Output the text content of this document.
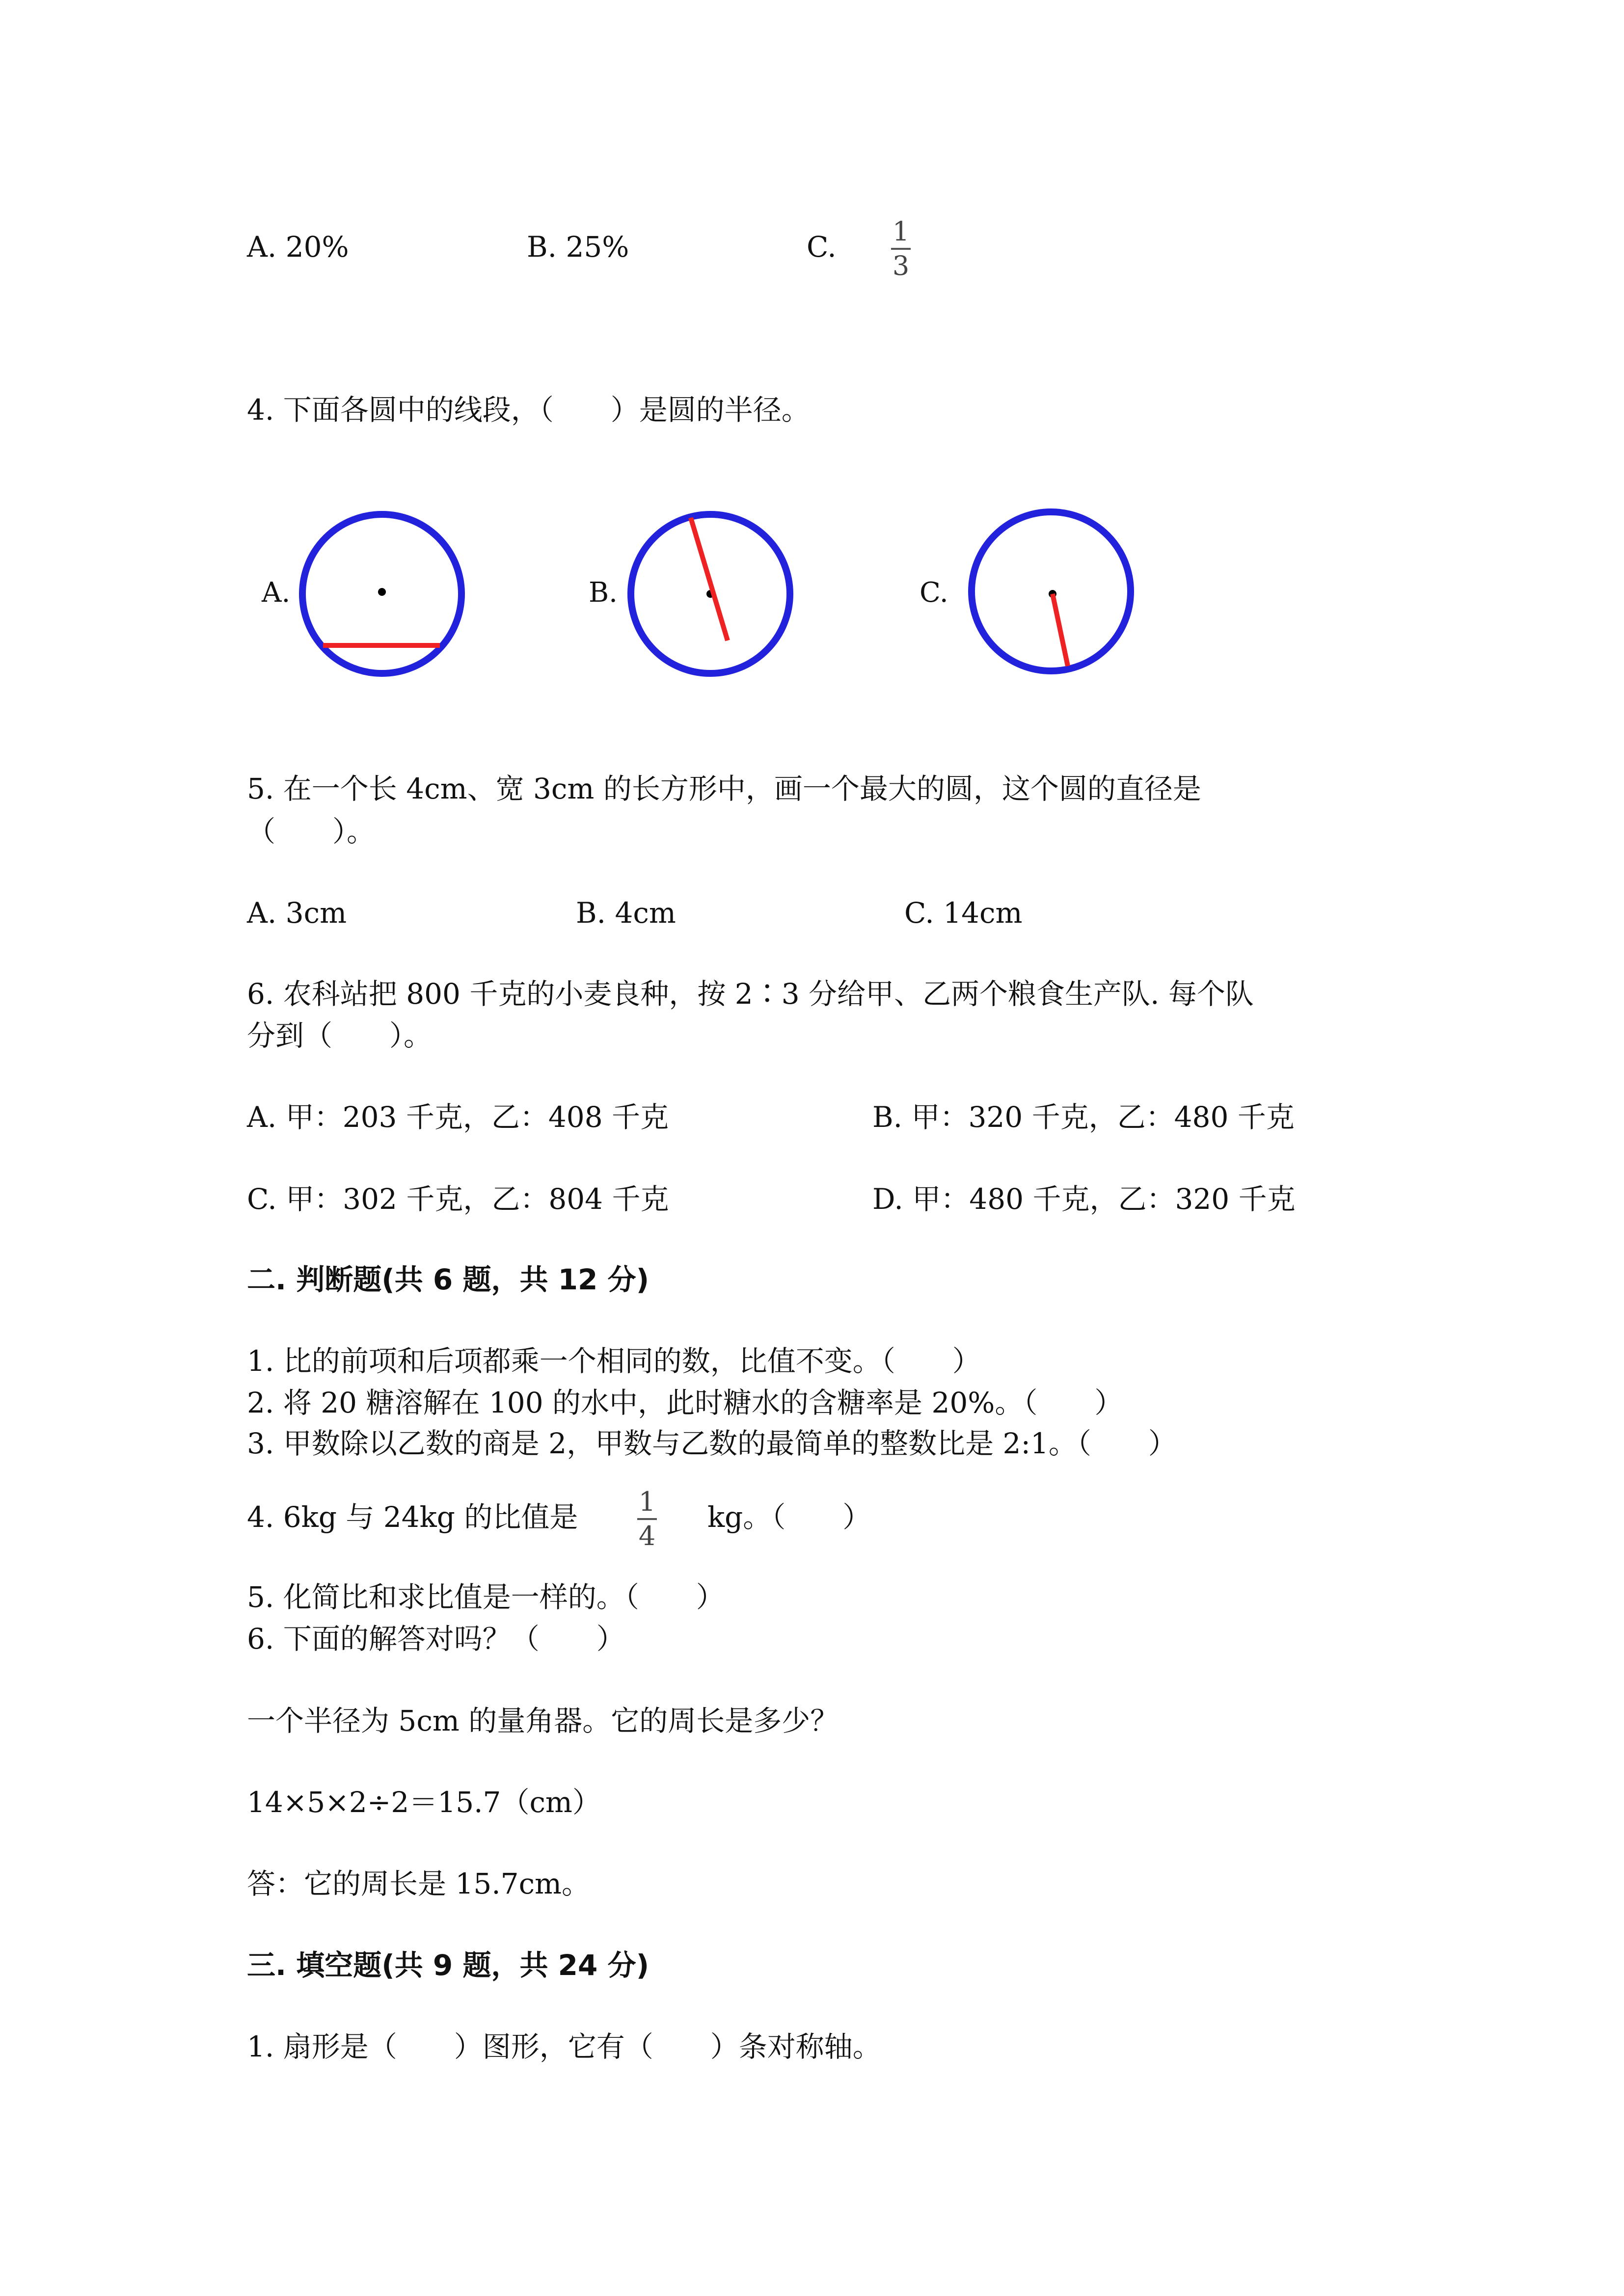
A. 20%	B. 25%	C. 1
3
4. 下面各圆中的线段，（　　）是圆的半径。
A.	B.	C.
5. 在一个长 4cm、宽 3cm 的长方形中，画一个最大的圆，这个圆的直径是
（　　）。
A. 3cm	B. 4cm	C. 14cm
6. 农科站把 800 千克的小麦良种，按 2∶3 分给甲、乙两个粮食生产队. 每个队
分到（　　）。
A. 甲：203 千克，乙：408 千克	B. 甲：320 千克，乙：480 千克
C. 甲：302 千克，乙：804 千克	D. 甲：480 千克，乙：320 千克
二. 判断题(共 6 题，共 12 分)
1. 比的前项和后项都乘一个相同的数，比值不变。（　　）
2. 将 20 糖溶解在 100 的水中，此时糖水的含糖率是 20%。（　　）
3. 甲数除以乙数的商是 2，甲数与乙数的最简单的整数比是 2:1。（　　）
4. 6kg 与 24kg 的比值是 1
4
kg。（　　）
5. 化简比和求比值是一样的。（　　）
6. 下面的解答对吗？（　　）
一个半径为 5cm 的量角器。它的周长是多少？
14×5×2÷2＝15.7（cm）
答：它的周长是 15.7cm。
三. 填空题(共 9 题，共 24 分)
1. 扇形是（　　）图形，它有（　　）条对称轴。
